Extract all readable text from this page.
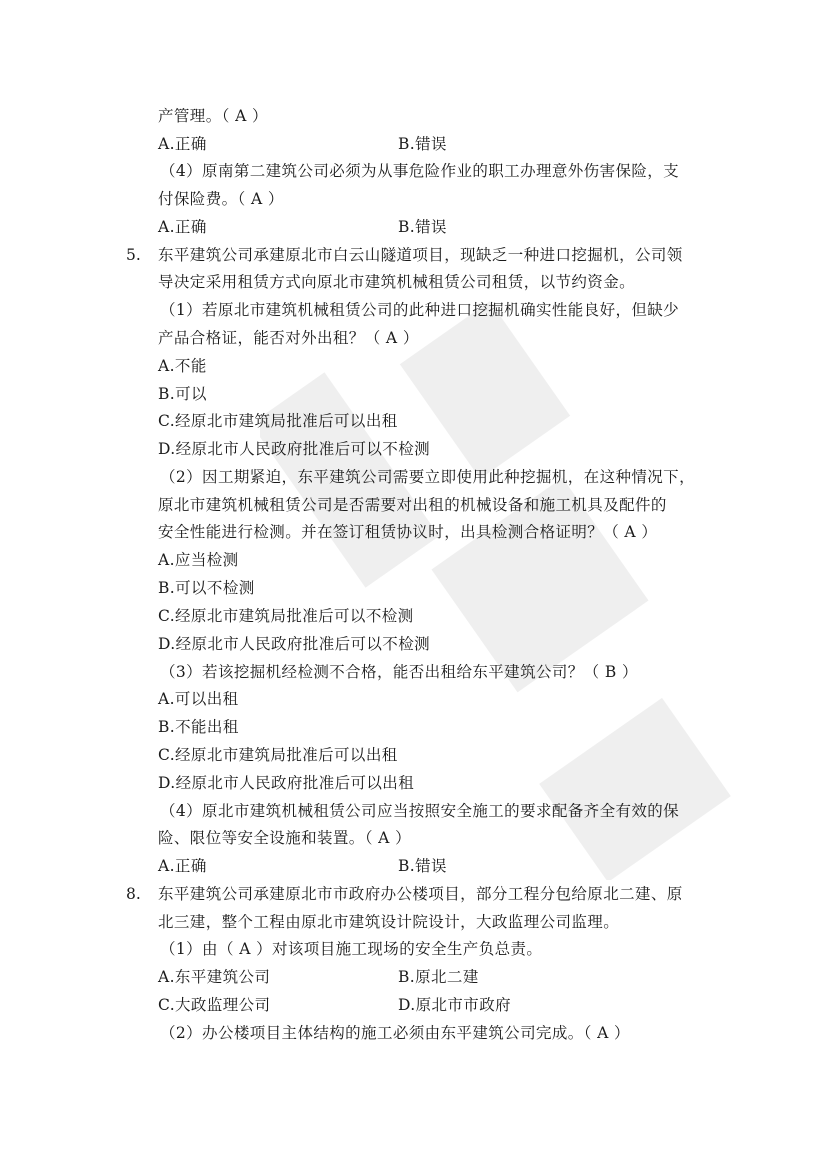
产管理。（ A ）
A.正确	B.错误
（4）原南第二建筑公司必须为从事危险作业的职工办理意外伤害保险，支
付保险费。（ A ）
A.正确	B.错误
5. 东平建筑公司承建原北市白云山隧道项目，现缺乏一种进口挖掘机，公司领
导决定采用租赁方式向原北市建筑机械租赁公司租赁，以节约资金。
（1）若原北市建筑机械租赁公司的此种进口挖掘机确实性能良好，但缺少
产品合格证，能否对外出租？（ A ）
A.不能
B.可以
C.经原北市建筑局批准后可以出租
D.经原北市人民政府批准后可以不检测
（2）因工期紧迫，东平建筑公司需要立即使用此种挖掘机，在这种情况下，
原北市建筑机械租赁公司是否需要对出租的机械设备和施工机具及配件的
安全性能进行检测。并在签订租赁协议时，出具检测合格证明？（ A ）
A.应当检测
B.可以不检测
C.经原北市建筑局批准后可以不检测
D.经原北市人民政府批准后可以不检测
（3）若该挖掘机经检测不合格，能否出租给东平建筑公司？（ B ）
A.可以出租
B.不能出租
C.经原北市建筑局批准后可以出租
D.经原北市人民政府批准后可以出租
（4）原北市建筑机械租赁公司应当按照安全施工的要求配备齐全有效的保
险、限位等安全设施和装置。（ A ）
A.正确	B.错误
8. 东平建筑公司承建原北市市政府办公楼项目，部分工程分包给原北二建、原
北三建，整个工程由原北市建筑设计院设计，大政监理公司监理。
（1）由（ A ）对该项目施工现场的安全生产负总责。
A.东平建筑公司	B.原北二建
C.大政监理公司	D.原北市市政府
（2）办公楼项目主体结构的施工必须由东平建筑公司完成。（ A ）
